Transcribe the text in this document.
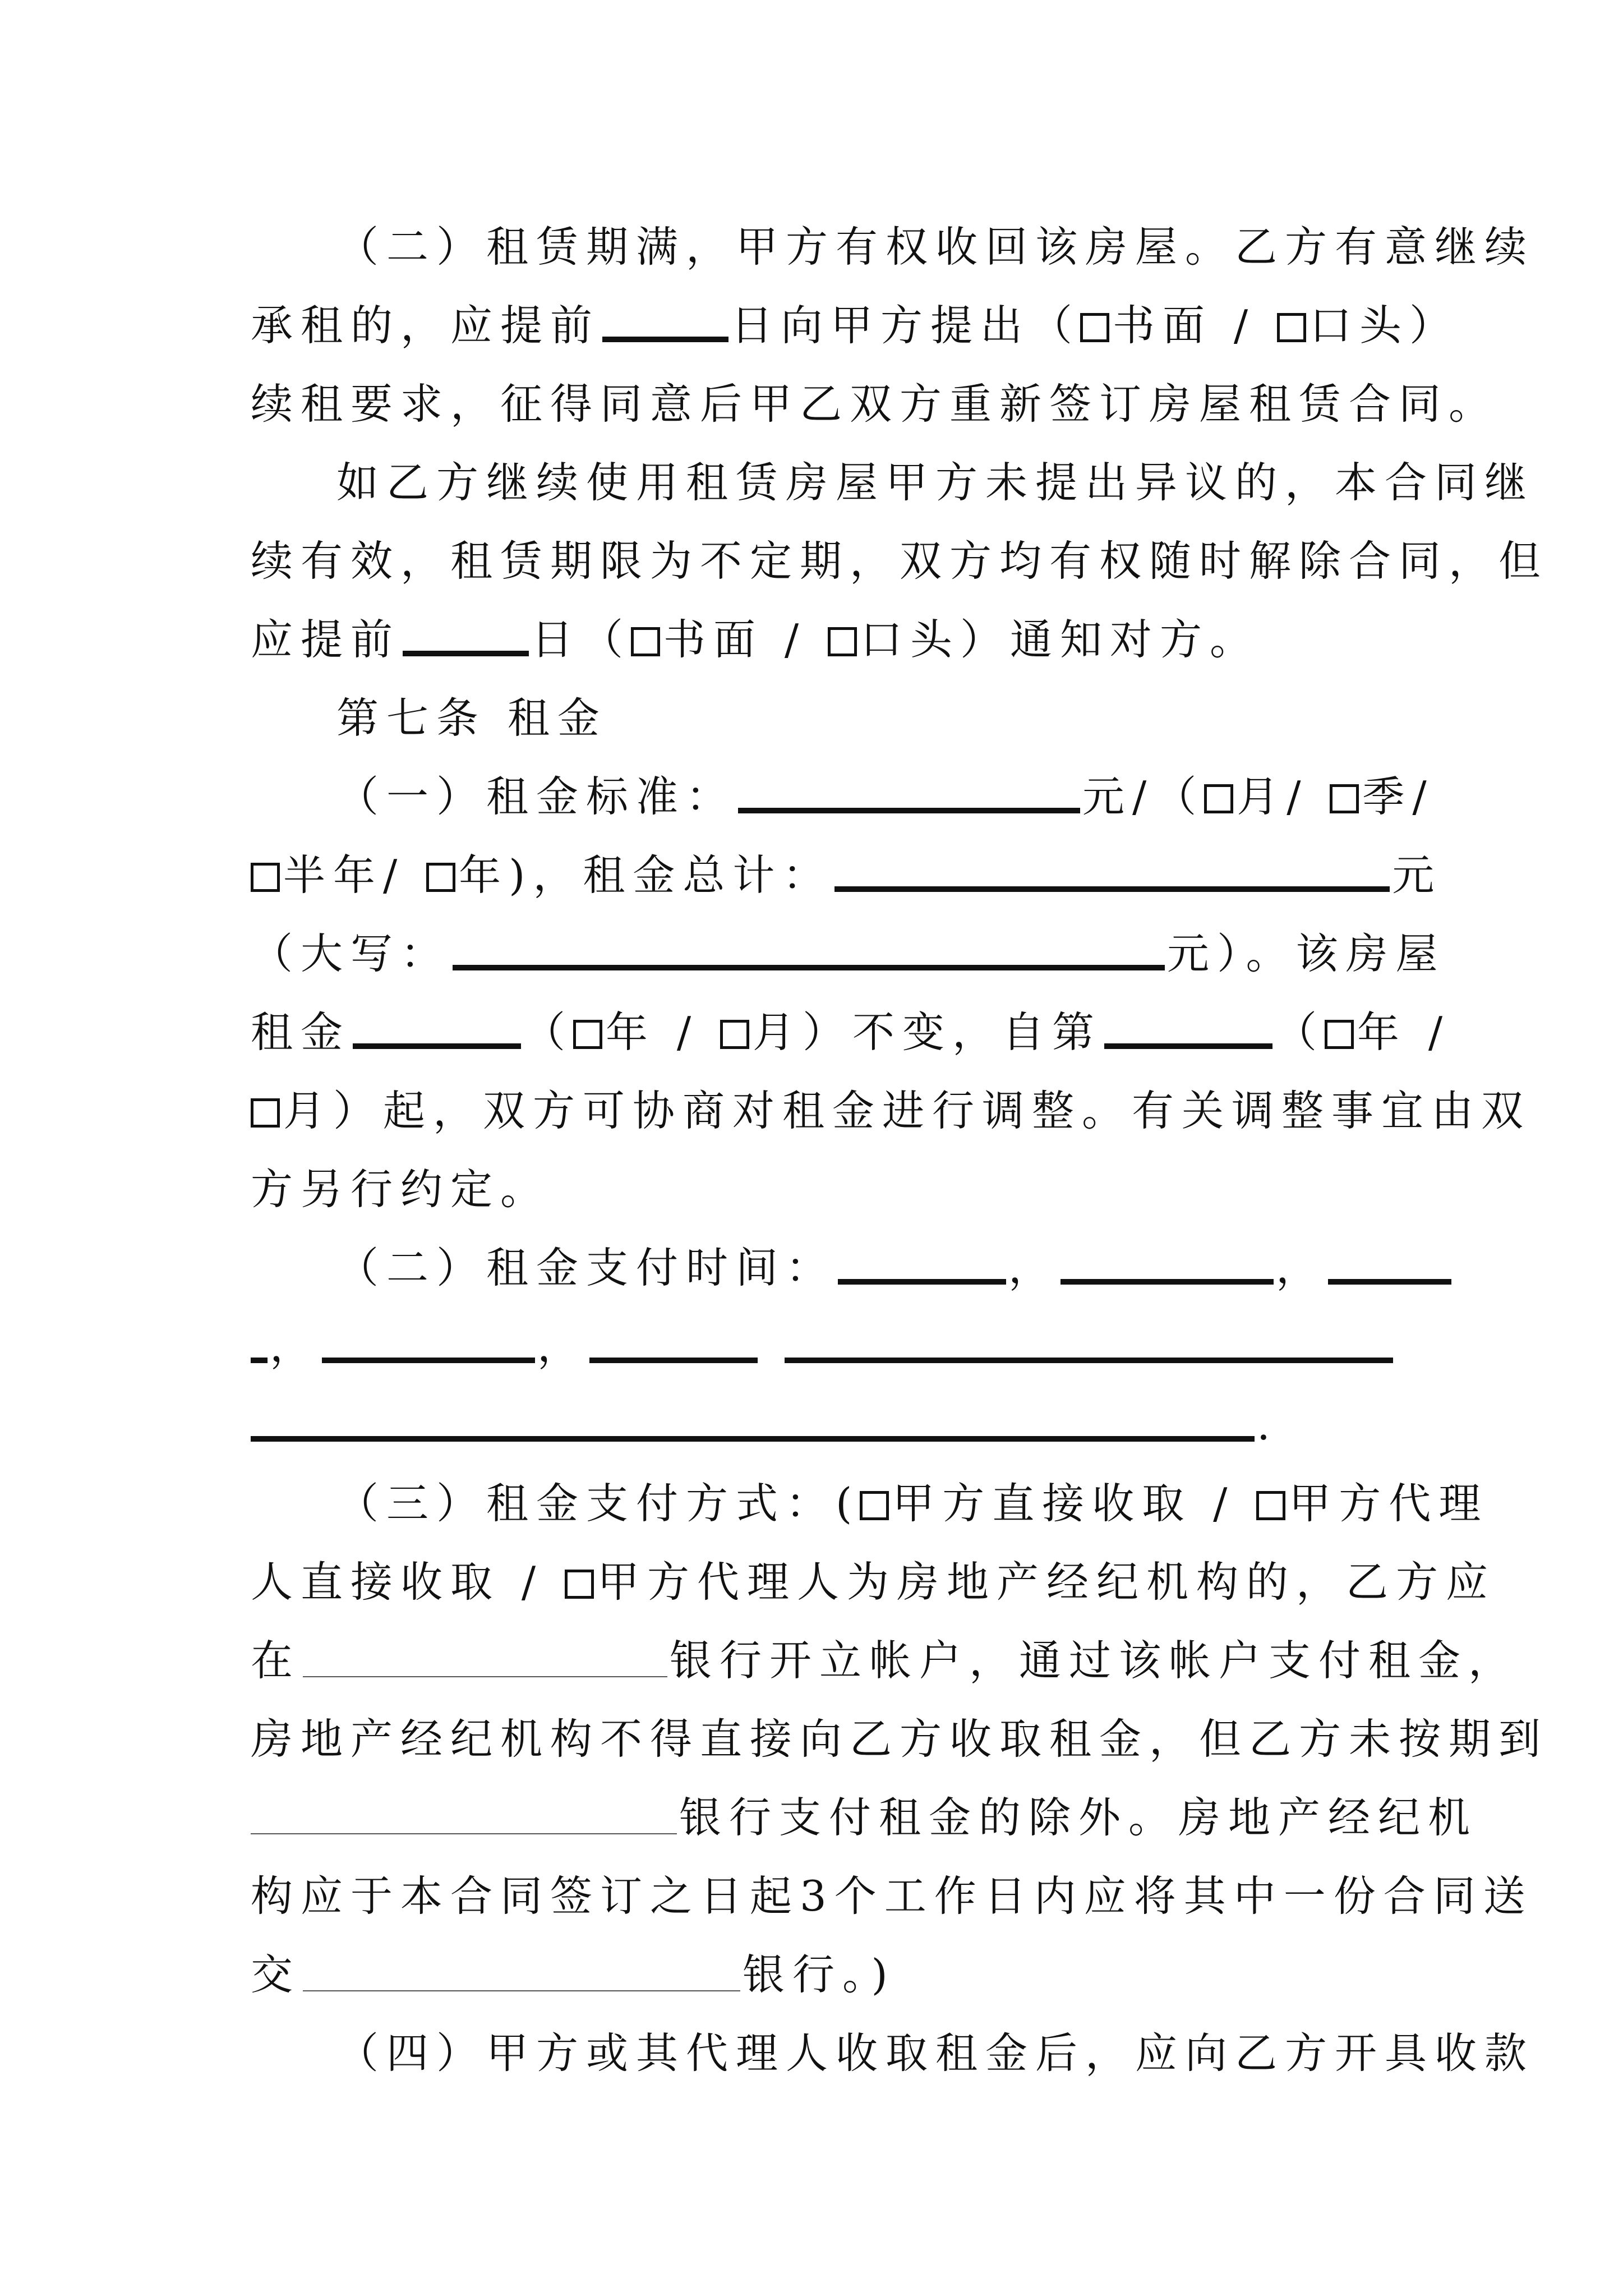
（二）租赁期满，甲方有权收回该房屋。乙方有意继续
承租的，应提前	日向甲方提出（ 书面 / 口头）
续租要求，征得同意后甲乙双方重新签订房屋租赁合同。
如乙方继续使用租赁房屋甲方未提出异议的，本合同继
续有效，租赁期限为不定期，双方均有权随时解除合同，但
应提前	日（ 书面 / 口头）通知对方。
第七条 租金
（一）租金标准：	元/（ 月/ 季/
半年/ 年)，租金总计：	元
（大写：	元）。该房屋
租金	（ 年 / 月）不变，自第	（ 年 /
月）起，双方可协商对租金进行调整。有关调整事宜由双
方另行约定。
（二）租金支付时间：	，	，
，	，
.
（三）租金支付方式：( 甲方直接收取 / 甲方代理
人直接收取 / 甲方代理人为房地产经纪机构的，乙方应
在	银行开立帐户，通过该帐户支付租金，
房地产经纪机构不得直接向乙方收取租金，但乙方未按期到
银行支付租金的除外。房地产经纪机
构应于本合同签订之日起3个工作日内应将其中一份合同送
交	银行。)
（四）甲方或其代理人收取租金后，应向乙方开具收款
